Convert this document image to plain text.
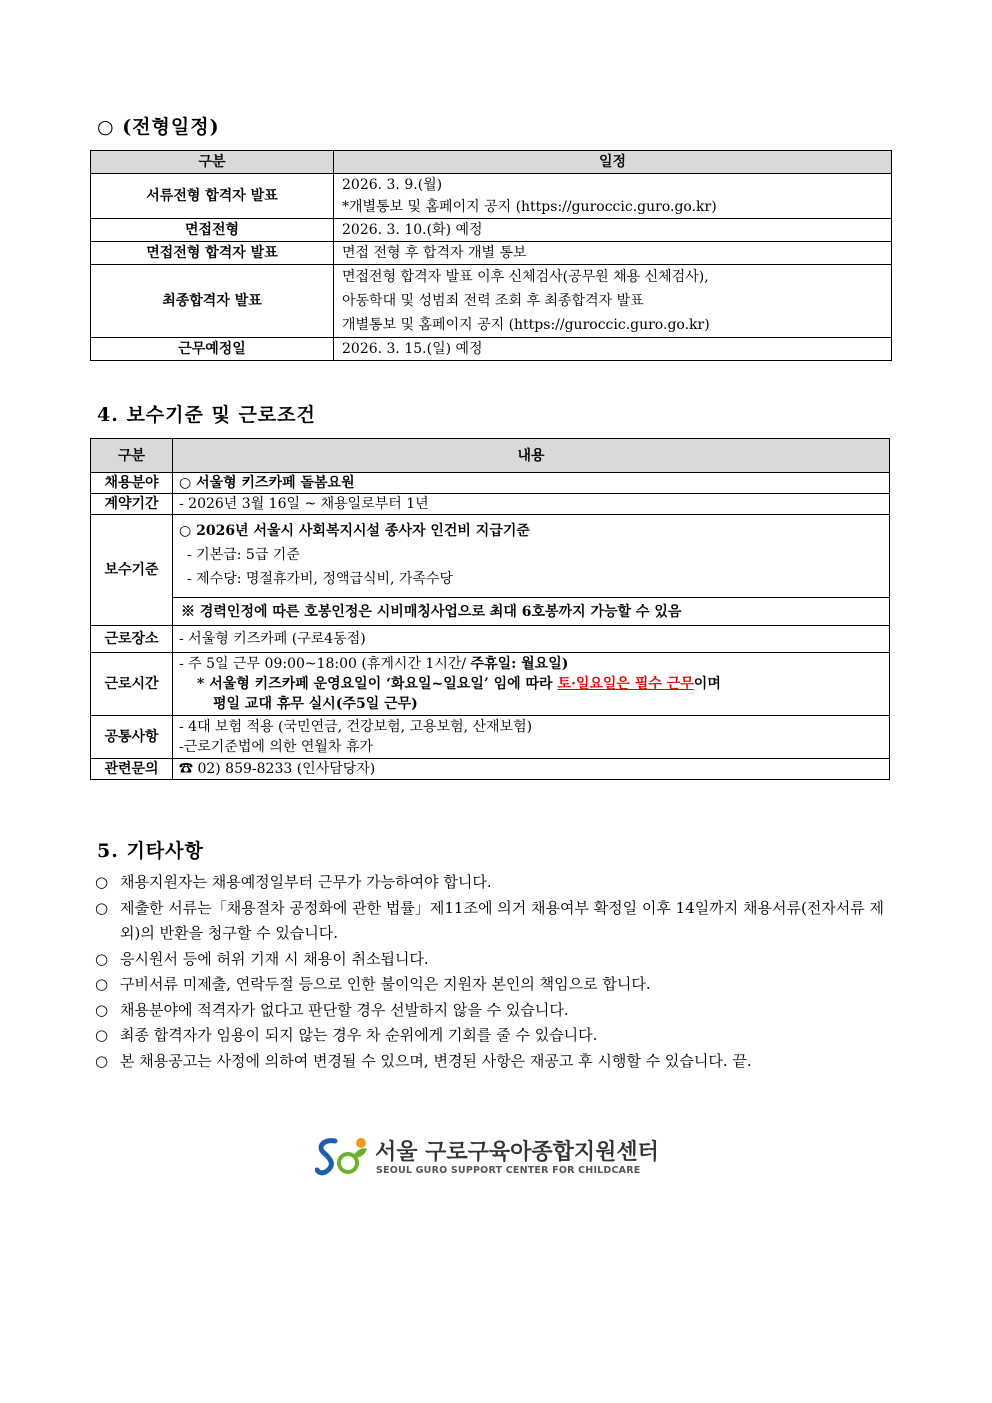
○ (전형일정)
구분	일정
서류전형 합격자 발표	2026. 3. 9.(월)
*개별통보 및 홈페이지 공지 (https://guroccic.guro.go.kr)

면접전형	2026. 3. 10.(화) 예정

면접전형 합격자 발표	면접 전형 후 합격자 개별 통보

최종합격자 발표	면접전형 합격자 발표 이후 신체검사(공무원 채용 신체검사),
아동학대 및 성범죄 전력 조회 후 최종합격자 발표
개별통보 및 홈페이지 공지 (https://guroccic.guro.go.kr)

근무예정일	2026. 3. 15.(일) 예정
4. 보수기준 및 근로조건
구분	내용
채용분야	○ 서울형 키즈카페 돌봄요원
계약기간	- 2026년 3월 16일 ~ 채용일로부터 1년
보수기준	○ 2026년 서울시 사회복지시설 종사자 인건비 지급기준
- 기본급: 5급 기준
- 제수당: 명절휴가비, 정액급식비, 가족수당

	※ 경력인정에 따른 호봉인정은 시비매칭사업으로 최대 6호봉까지 가능할 수 있음
근로장소	- 서울형 키즈카페 (구로4동점)
근로시간	- 주 5일 근무 09:00~18:00 (휴게시간 1시간/ 주휴일: 월요일)
* 서울형 키즈카페 운영요일이 ‘화요일~일요일’ 임에 따라 토·일요일은 필수 근무이며
평일 교대 휴무 실시(주5일 근무)

공통사항	- 4대 보험 적용 (국민연금, 건강보험, 고용보험, 산재보험)
-근로기준법에 의한 연월차 휴가

관련문의	☎ 02) 859-8233 (인사담당자)
5. 기타사항
○ 채용지원자는 채용예정일부터 근무가 가능하여야 합니다.
○ 제출한 서류는「채용절차 공정화에 관한 법률」제11조에 의거 채용여부 확정일 이후 14일까지 채용서류(전자서류 제외)의 반환을 청구할 수 있습니다.
○ 응시원서 등에 허위 기재 시 채용이 취소됩니다.
○ 구비서류 미제출, 연락두절 등으로 인한 불이익은 지원자 본인의 책임으로 합니다.
○ 채용분야에 적격자가 없다고 판단할 경우 선발하지 않을 수 있습니다.
○ 최종 합격자가 임용이 되지 않는 경우 차 순위에게 기회를 줄 수 있습니다.
○ 본 채용공고는 사정에 의하여 변경될 수 있으며, 변경된 사항은 재공고 후 시행할 수 있습니다. 끝.
서울 구로구육아종합지원센터
SEOUL GURO SUPPORT CENTER FOR CHILDCARE
